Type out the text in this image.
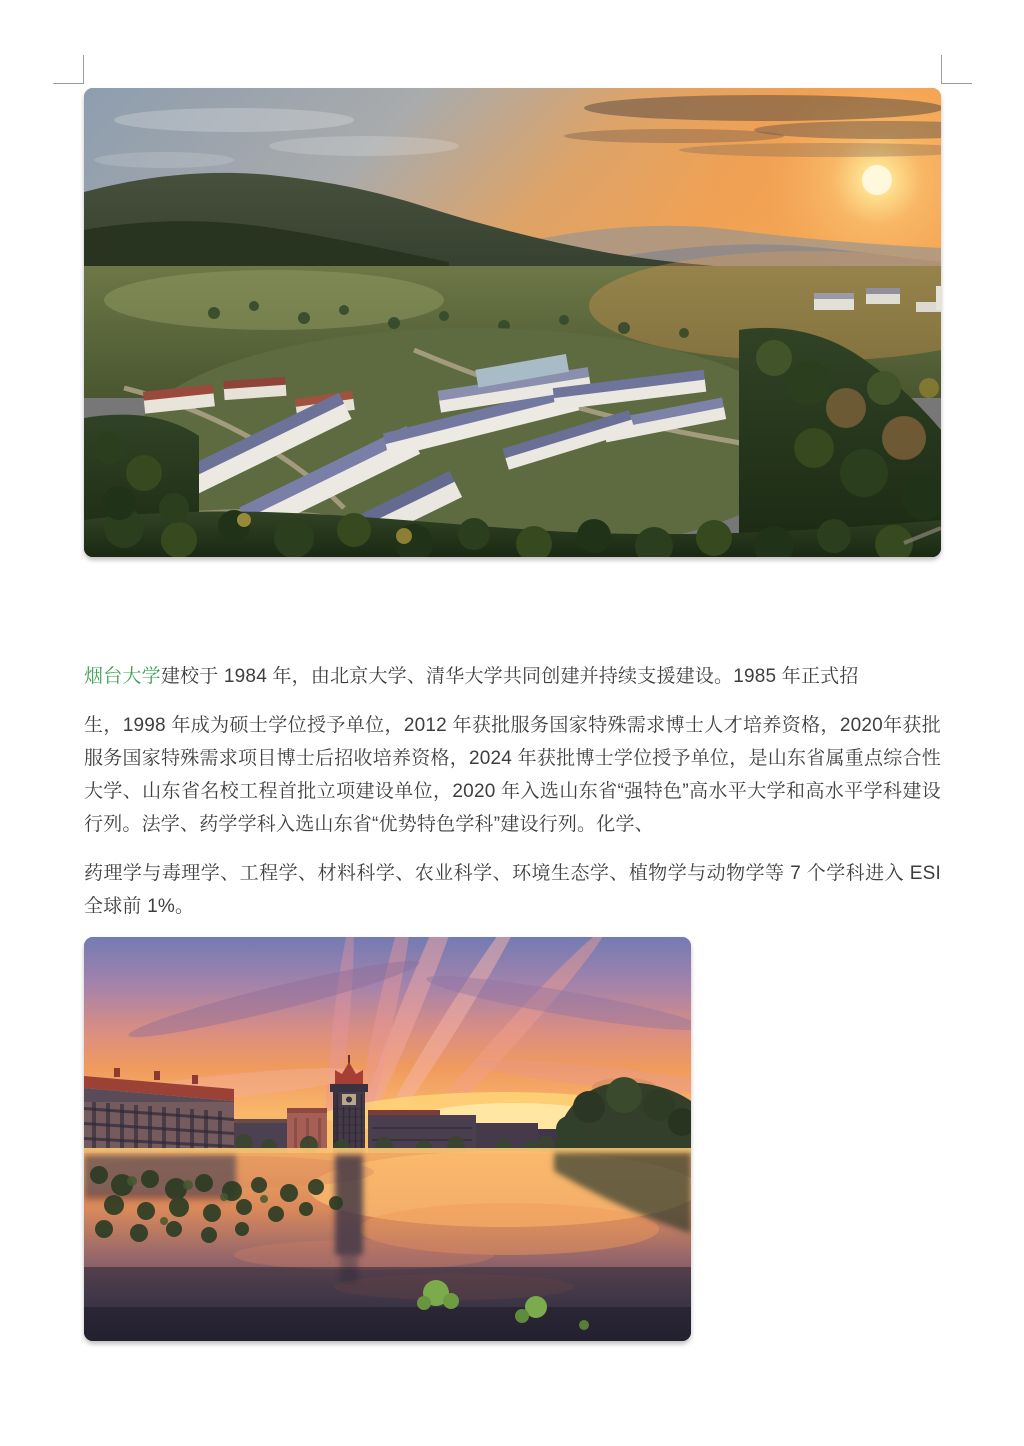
烟台大学建校于 1984 年，由北京大学、清华大学共同创建并持续支援建设。1985 年正式招

生，1998 年成为硕士学位授予单位，2012 年获批服务国家特殊需求博士人才培养资格，2020年获批服务国家特殊需求项目博士后招收培养资格，2024 年获批博士学位授予单位，是山东省属重点综合性大学、山东省名校工程首批立项建设单位，2020 年入选山东省“强特色”高水平大学和高水平学科建设行列。法学、药学学科入选山东省“优势特色学科”建设行列。化学、

药理学与毒理学、工程学、材料科学、农业科学、环境生态学、植物学与动物学等 7 个学科进入 ESI 全球前 1%。
